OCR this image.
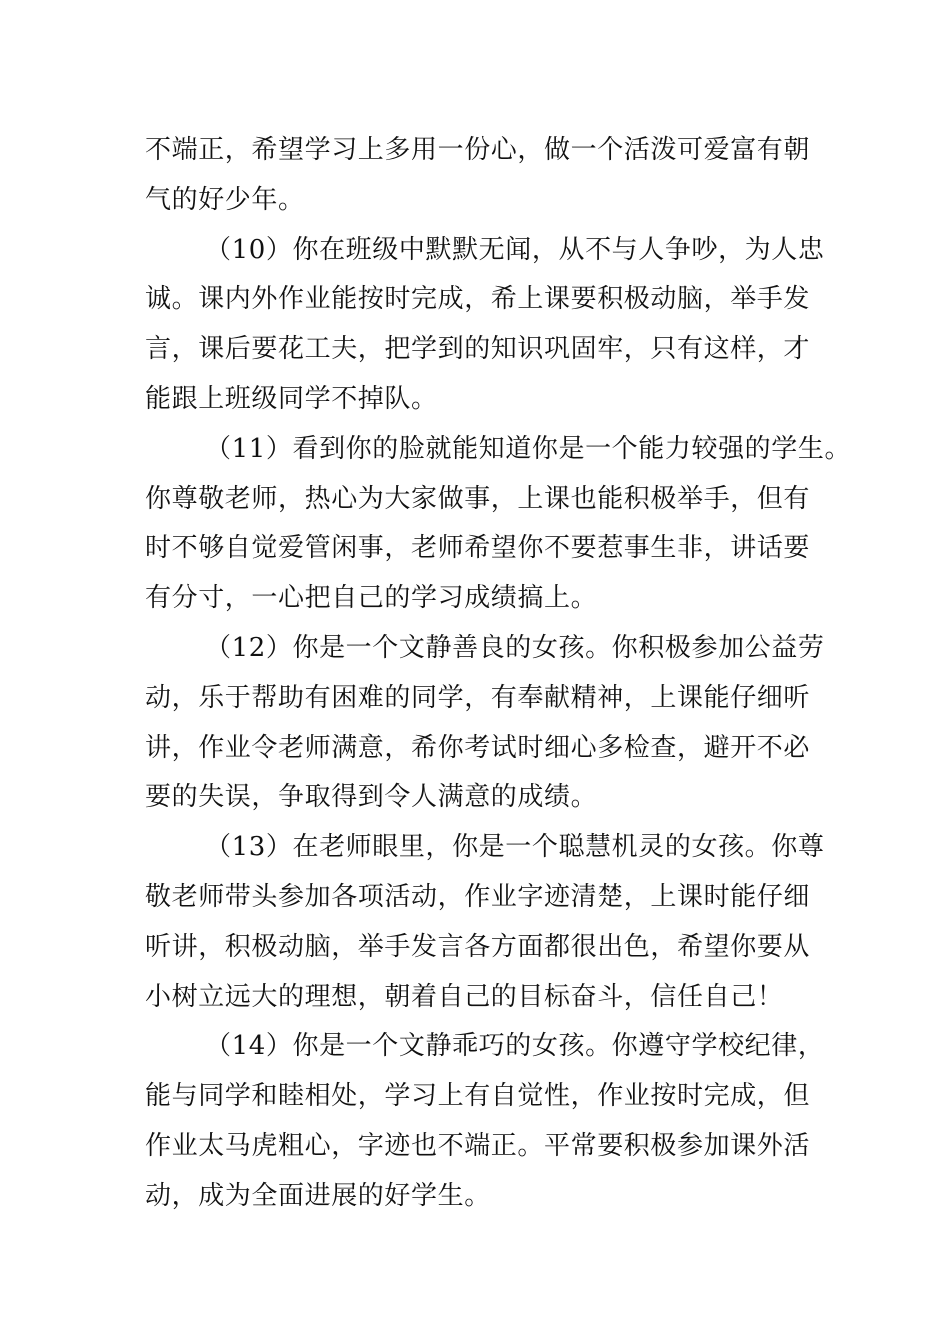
不端正，希望学习上多用一份心，做一个活泼可爱富有朝
气的好少年。
（10）你在班级中默默无闻，从不与人争吵，为人忠
诚。课内外作业能按时完成，希上课要积极动脑，举手发
言，课后要花工夫，把学到的知识巩固牢，只有这样，才
能跟上班级同学不掉队。
（11）看到你的脸就能知道你是一个能力较强的学生。
你尊敬老师，热心为大家做事，上课也能积极举手，但有
时不够自觉爱管闲事，老师希望你不要惹事生非，讲话要
有分寸，一心把自己的学习成绩搞上。
（12）你是一个文静善良的女孩。你积极参加公益劳
动，乐于帮助有困难的同学，有奉献精神，上课能仔细听
讲，作业令老师满意，希你考试时细心多检查，避开不必
要的失误，争取得到令人满意的成绩。
（13）在老师眼里，你是一个聪慧机灵的女孩。你尊
敬老师带头参加各项活动，作业字迹清楚，上课时能仔细
听讲，积极动脑，举手发言各方面都很出色，希望你要从
小树立远大的理想，朝着自己的目标奋斗，信任自己！
（14）你是一个文静乖巧的女孩。你遵守学校纪律，
能与同学和睦相处，学习上有自觉性，作业按时完成，但
作业太马虎粗心，字迹也不端正。平常要积极参加课外活
动，成为全面进展的好学生。
